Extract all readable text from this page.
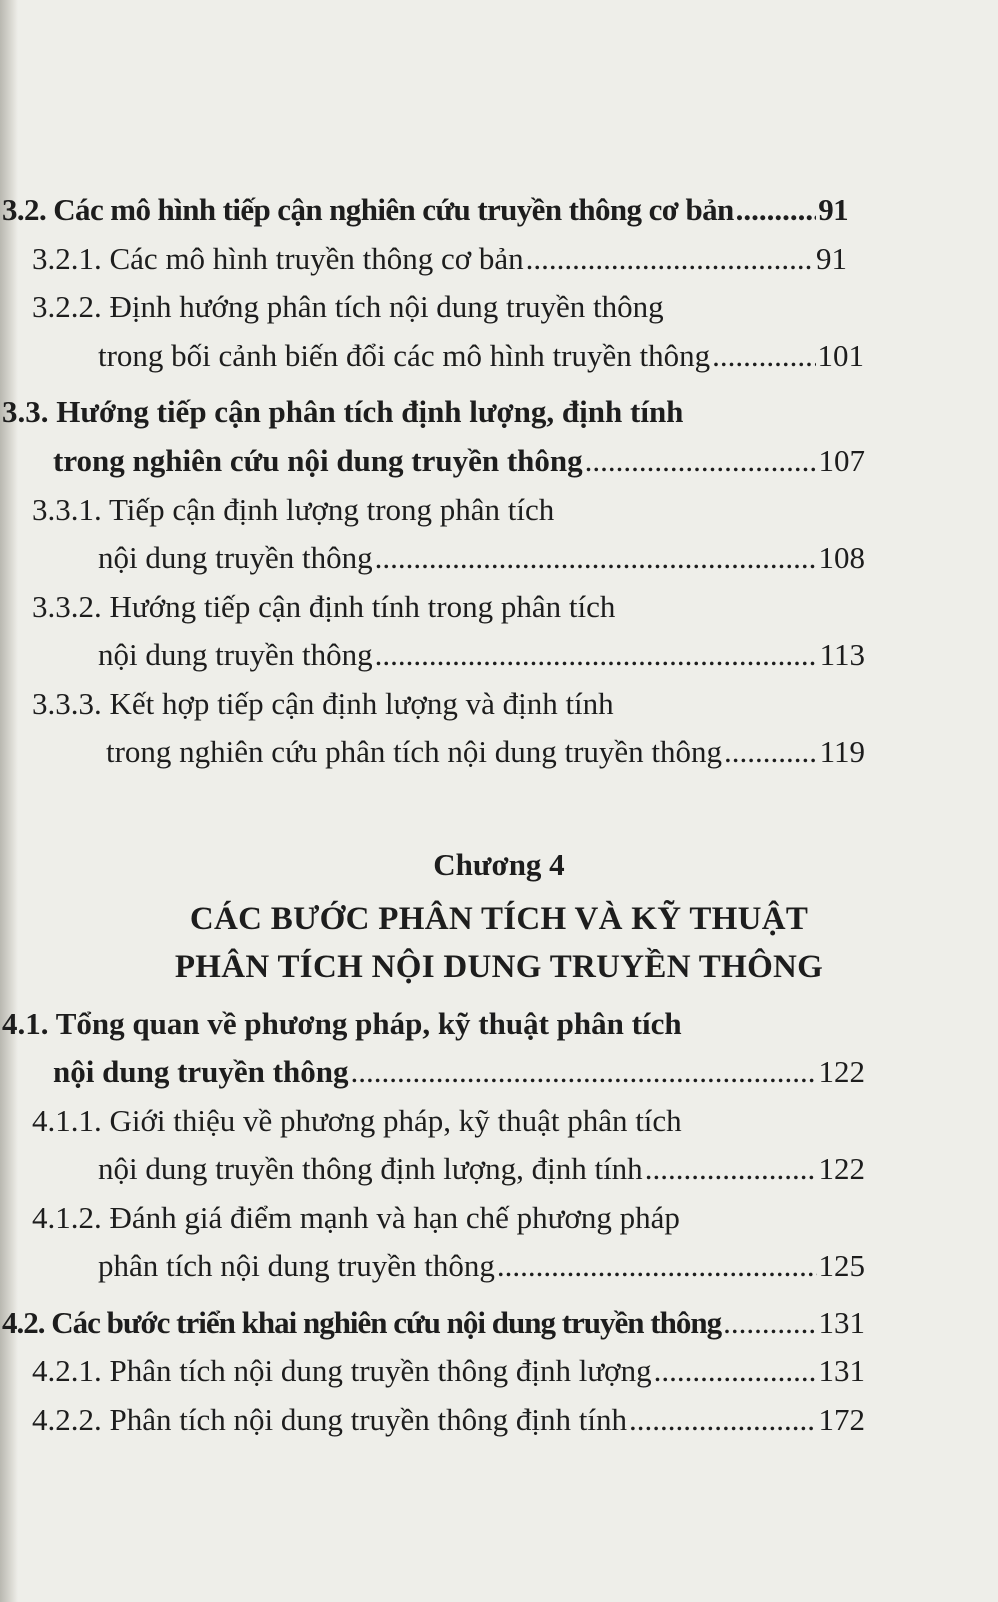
3.2. Các mô hình tiếp cận nghiên cứu truyền thông cơ bản .....	91
3.2.1. Các mô hình truyền thông cơ bản .....	91
3.2.2. Định hướng phân tích nội dung truyền thông
trong bối cảnh biến đổi các mô hình truyền thông .....	101
3.3. Hướng tiếp cận phân tích định lượng, định tính
trong nghiên cứu nội dung truyền thông .....	107
3.3.1. Tiếp cận định lượng trong phân tích
nội dung truyền thông .....	108
3.3.2. Hướng tiếp cận định tính trong phân tích
nội dung truyền thông .....	113
3.3.3. Kết hợp tiếp cận định lượng và định tính
trong nghiên cứu phân tích nội dung truyền thông .....	119
Chương 4
CÁC BƯỚC PHÂN TÍCH VÀ KỸ THUẬT
PHÂN TÍCH NỘI DUNG TRUYỀN THÔNG
4.1. Tổng quan về phương pháp, kỹ thuật phân tích
nội dung truyền thông .....	122
4.1.1. Giới thiệu về phương pháp, kỹ thuật phân tích
nội dung truyền thông định lượng, định tính .....	122
4.1.2. Đánh giá điểm mạnh và hạn chế phương pháp
phân tích nội dung truyền thông .....	125
4.2. Các bước triển khai nghiên cứu nội dung truyền thông .....	131
4.2.1. Phân tích nội dung truyền thông định lượng .....	131
4.2.2. Phân tích nội dung truyền thông định tính .....	172
